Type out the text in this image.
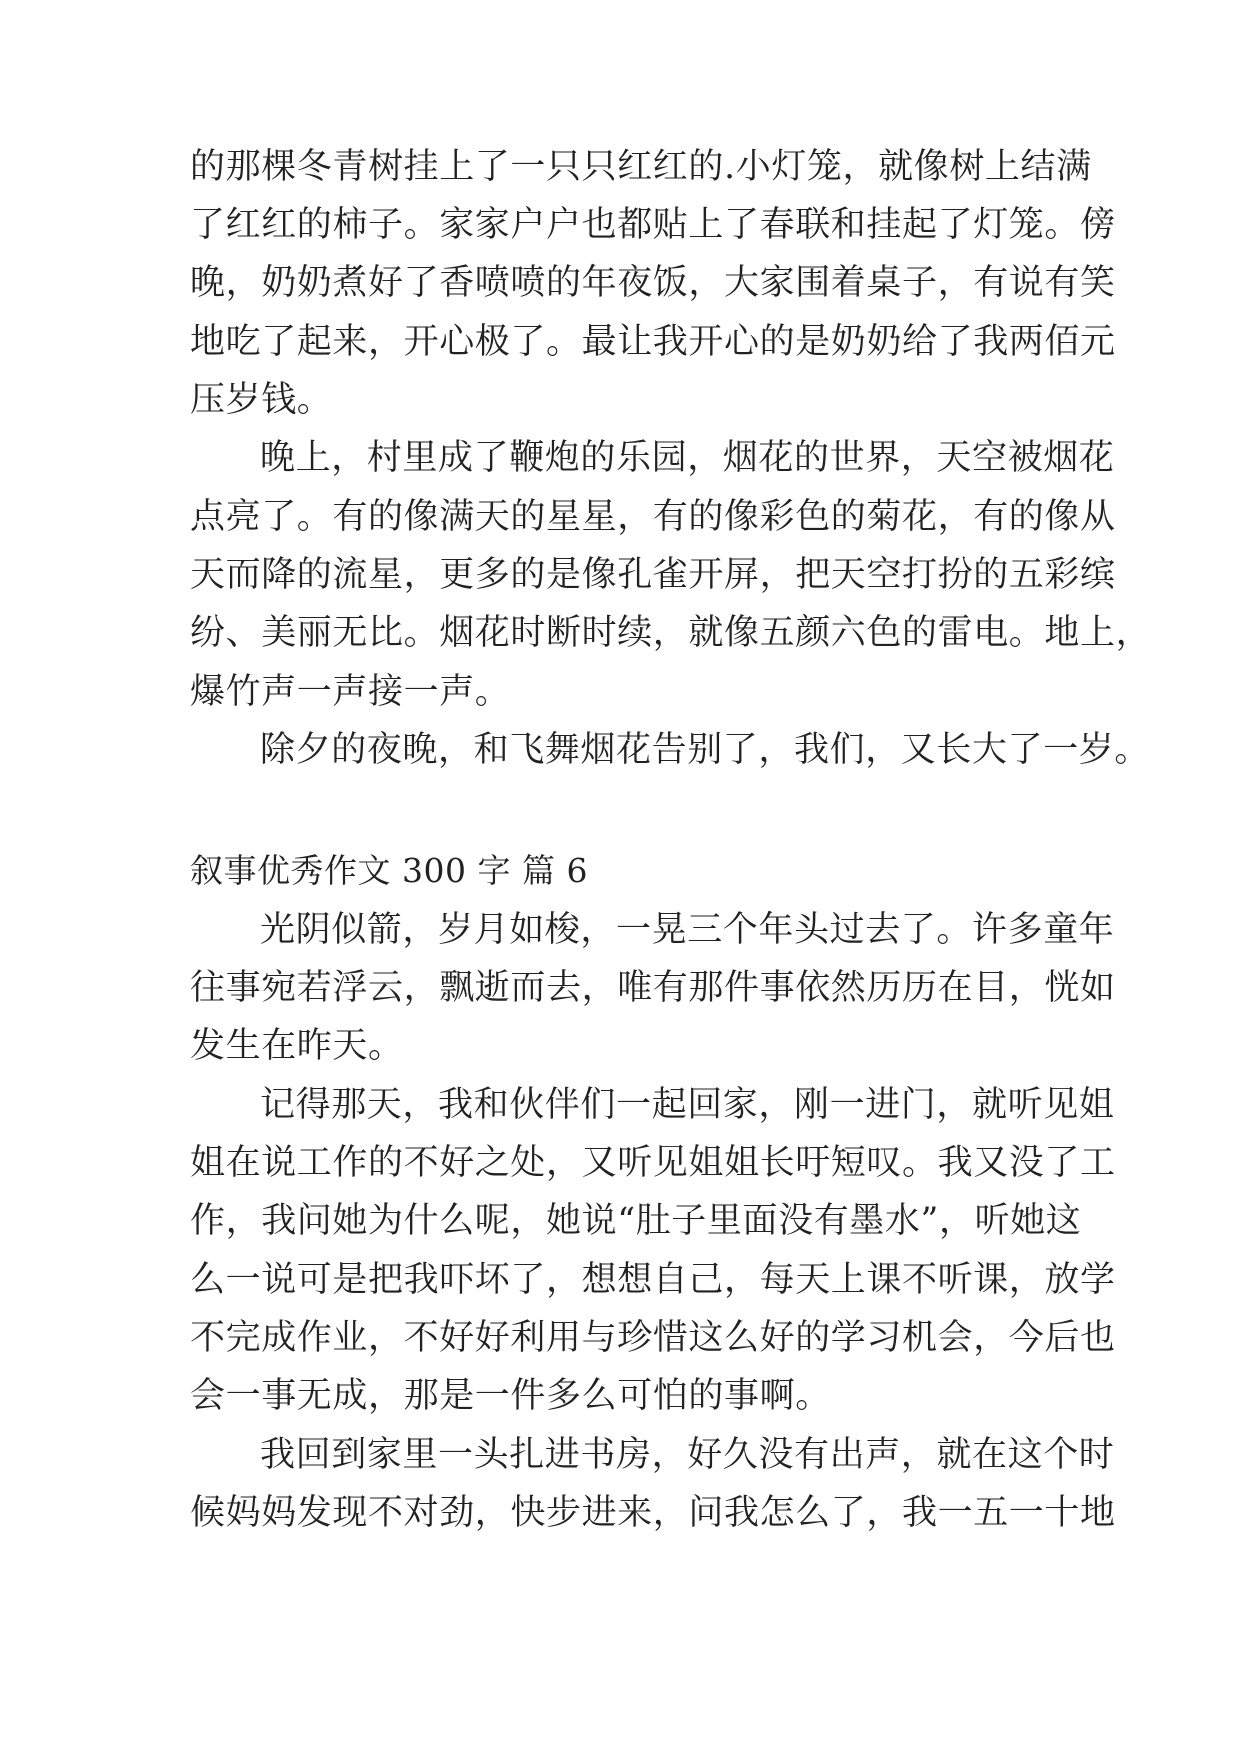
的那棵冬青树挂上了一只只红红的.小灯笼，就像树上结满
了红红的柿子。家家户户也都贴上了春联和挂起了灯笼。傍
晚，奶奶煮好了香喷喷的年夜饭，大家围着桌子，有说有笑
地吃了起来，开心极了。最让我开心的是奶奶给了我两佰元
压岁钱。
晚上，村里成了鞭炮的乐园，烟花的世界，天空被烟花
点亮了。有的像满天的星星，有的像彩色的菊花，有的像从
天而降的流星，更多的是像孔雀开屏，把天空打扮的五彩缤
纷、美丽无比。烟花时断时续，就像五颜六色的雷电。地上，
爆竹声一声接一声。
除夕的夜晚，和飞舞烟花告别了，我们，又长大了一岁。
叙事优秀作文 300 字 篇 6
光阴似箭，岁月如梭，一晃三个年头过去了。许多童年
往事宛若浮云，飘逝而去，唯有那件事依然历历在目，恍如
发生在昨天。
记得那天，我和伙伴们一起回家，刚一进门，就听见姐
姐在说工作的不好之处，又听见姐姐长吁短叹。我又没了工
作，我问她为什么呢，她说“肚子里面没有墨水”，听她这
么一说可是把我吓坏了，想想自己，每天上课不听课，放学
不完成作业，不好好利用与珍惜这么好的学习机会，今后也
会一事无成，那是一件多么可怕的事啊。
我回到家里一头扎进书房，好久没有出声，就在这个时
候妈妈发现不对劲，快步进来，问我怎么了，我一五一十地
